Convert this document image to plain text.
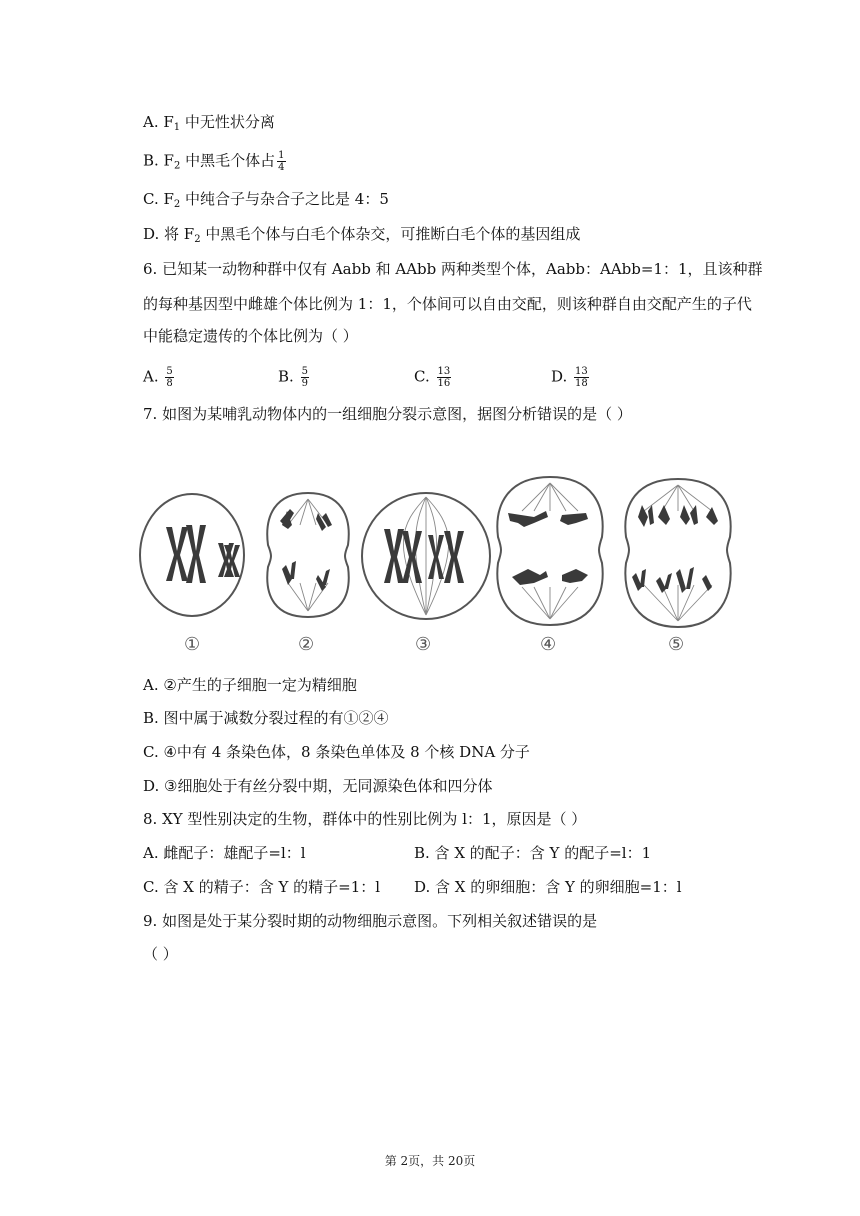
A. $F_1$ 中无性状分离
B. $F_2$ 中黑毛个体占 $\frac{1}{4}$
C. $F_2$ 中纯合子与杂合子之比是 4：5
D. 将 $F_2$ 中黑毛个体与白毛个体杂交，可推断白毛个体的基因组成
6. 已知某一动物种群中仅有 Aabb 和 AAbb 两种类型个体，Aabb：AAbb=1：1，且该种群
的每种基因型中雌雄个体比例为 1：1，个体间可以自由交配，则该种群自由交配产生的子代
中能稳定遗传的个体比例为（ ）
A. $\frac{5}{8}$	B. $\frac{5}{9}$	C. $\frac{13}{16}$	D. $\frac{13}{18}$
7. 如图为某哺乳动物体内的一组细胞分裂示意图，据图分析错误的是（ ）
①	②	③	④	⑤
A. ②产生的子细胞一定为精细胞
B. 图中属于减数分裂过程的有①②④
C. ④中有 4 条染色体，8 条染色单体及 8 个核 DNA 分子
D. ③细胞处于有丝分裂中期，无同源染色体和四分体
8. XY 型性别决定的生物，群体中的性别比例为 l：1，原因是（ ）
A. 雌配子：雄配子=l：l	B. 含 X 的配子：含 Y 的配子=l：1
C. 含 X 的精子：含 Y 的精子=1：l D. 含 X 的卵细胞：含 Y 的卵细胞=1：l
9. 如图是处于某分裂时期的动物细胞示意图。下列相关叙述错误的是
（ ）
第 2页，共 20页
